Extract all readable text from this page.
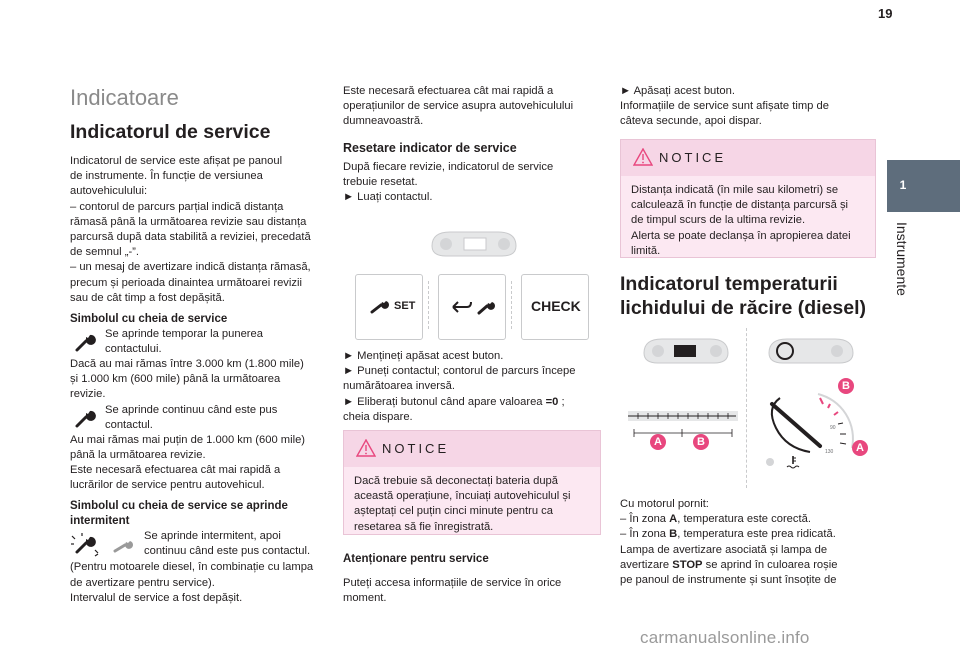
19
1
Instrumente
Indicatoare
Indicatorul de service

Indicatorul de service este afișat pe panoul

de instrumente. În funcție de versiunea

autovehiculului:

– contorul de parcurs parțial indică distanța

rămasă până la următoarea revizie sau distanța

parcursă după data stabilită a reviziei, precedată

de semnul „-”.

– un mesaj de avertizare indică distanța rămasă,

precum și perioada dinaintea următoarei revizii

sau de cât timp a fost depășită.

Simbolul cu cheia de service

Se aprinde temporar la punerea

contactului.

Dacă au mai rămas între 3.000 km (1.800 mile)

și 1.000 km (600 mile) până la următoarea

revizie.

Se aprinde continuu când este pus

contactul.

Au mai rămas mai puțin de 1.000 km (600 mile)

până la următoarea revizie.

Este necesară efectuarea cât mai rapidă a

lucrărilor de service pentru autovehicul.

Simbolul cu cheia de service se aprinde
intermitent

Se aprinde intermitent, apoi

continuu când este pus contactul.

(Pentru motoarele diesel, în combinație cu lampa

de avertizare pentru service).

Intervalul de service a fost depășit.

Este necesară efectuarea cât mai rapidă a

operațiunilor de service asupra autovehiculului

dumneavoastră.

Resetare indicator de service

După fiecare revizie, indicatorul de service

trebuie resetat.

► Luați contactul.

SET	CHECK

► Mențineți apăsat acest buton.

► Puneți contactul; contorul de parcurs începe

numărătoarea inversă.

► Eliberați butonul când apare valoarea =0 ;

cheia dispare.

NOTICE

Dacă trebuie să deconectați bateria după

această operațiune, încuiați autovehiculul și

așteptați cel puțin cinci minute pentru ca

resetarea să fie înregistrată.

Atenționare pentru service

Puteți accesa informațiile de service în orice

moment.

► Apăsați acest buton.

Informațiile de service sunt afișate timp de

câteva secunde, apoi dispar.

NOTICE

Distanța indicată (în mile sau kilometri) se

calculează în funcție de distanța parcursă și

de timpul scurs de la ultima revizie.

Alerta se poate declanșa în apropierea datei

limită.

Indicatorul temperaturii
lichidului de răcire (diesel)
A	B
90
130
B
A

Cu motorul pornit:

– În zona A, temperatura este corectă.

– În zona B, temperatura este prea ridicată.

Lampa de avertizare asociată și lampa de

avertizare STOP se aprind în culoarea roșie

pe panoul de instrumente și sunt însoțite de

carmanualsonline.info
